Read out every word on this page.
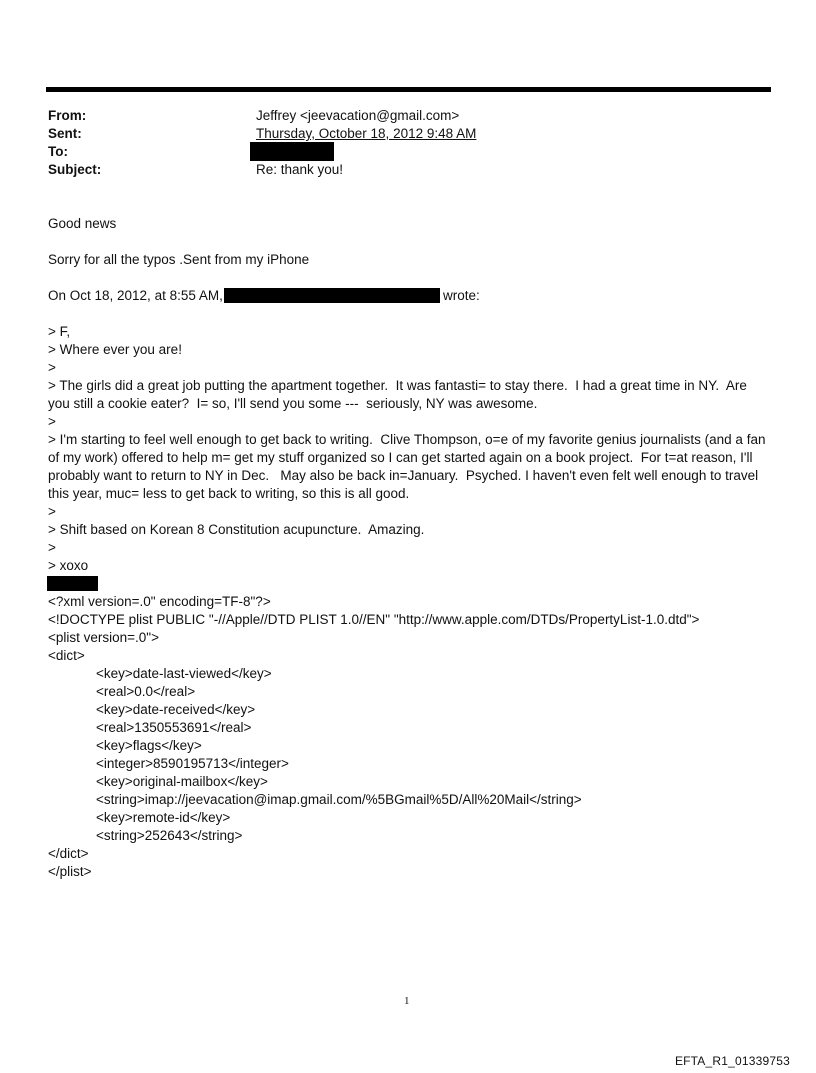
From:
Sent:
To:
Subject:
Jeffrey <jeevacation@gmail.com>
Thursday, October 18, 2012 9:48 AM
Re: thank you!
Good news
Sorry for all the typos .Sent from my iPhone
On Oct 18, 2012, at 8:55 AM,	wrote:
> F,
> Where ever you are!
>
> The girls did a great job putting the apartment together.  It was fantasti= to stay there.  I had a great time in NY.  Are
you still a cookie eater?  I= so, I'll send you some ---  seriously, NY was awesome.
>
> I'm starting to feel well enough to get back to writing.  Clive Thompson, o=e of my favorite genius journalists (and a fan
of my work) offered to help m= get my stuff organized so I can get started again on a book project.  For t=at reason, I'll
probably want to return to NY in Dec.   May also be back in=January.  Psyched. I haven't even felt well enough to travel
this year, muc= less to get back to writing, so this is all good.
>
> Shift based on Korean 8 Constitution acupuncture.  Amazing.
>
> xoxo
<?xml version=.0" encoding=TF-8"?>
<!DOCTYPE plist PUBLIC "-//Apple//DTD PLIST 1.0//EN" "http://www.apple.com/DTDs/PropertyList-1.0.dtd">
<plist version=.0">
<dict>
<key>date-last-viewed</key>
<real>0.0</real>
<key>date-received</key>
<real>1350553691</real>
<key>flags</key>
<integer>8590195713</integer>
<key>original-mailbox</key>
<string>imap://jeevacation@imap.gmail.com/%5BGmail%5D/All%20Mail</string>
<key>remote-id</key>
<string>252643</string>
</dict>
</plist>
1
EFTA_R1_01339753
